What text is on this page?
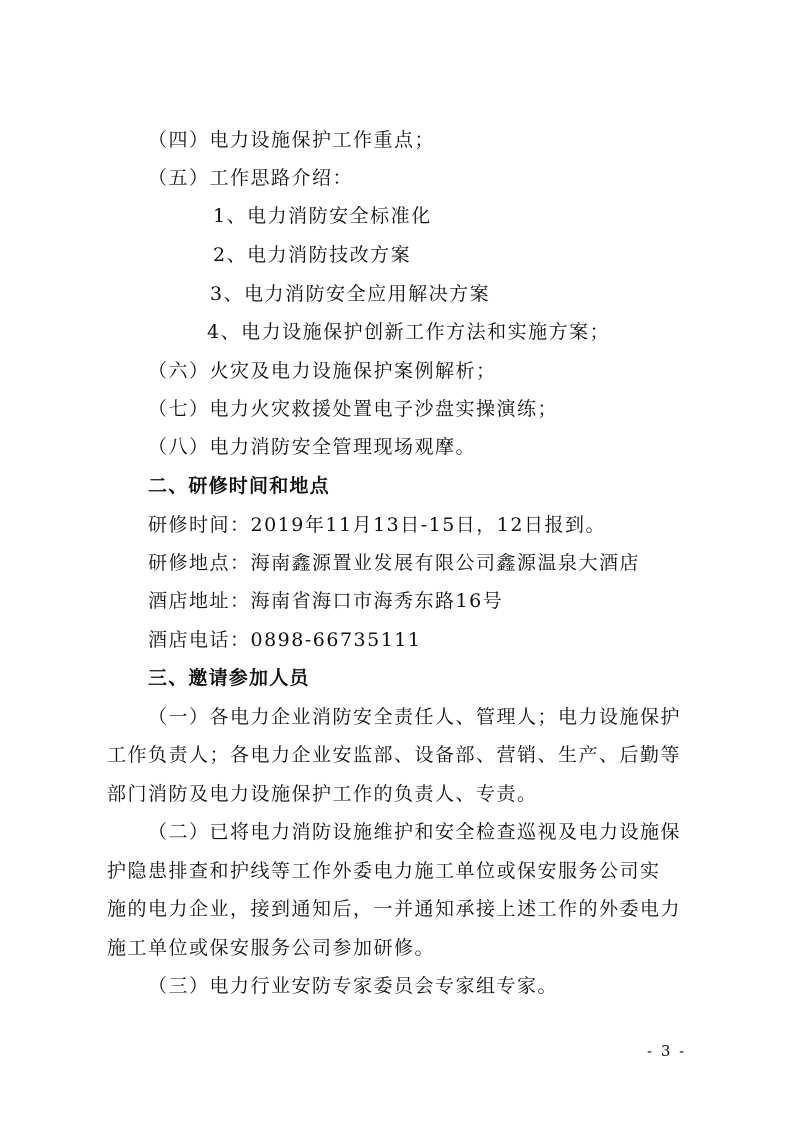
（四）电力设施保护工作重点；
（五）工作思路介绍：
1、电力消防安全标准化
2、电力消防技改方案
3、电力消防安全应用解决方案
4、电力设施保护创新工作方法和实施方案；
（六）火灾及电力设施保护案例解析；
（七）电力火灾救援处置电子沙盘实操演练；
（八）电力消防安全管理现场观摩。
二、研修时间和地点
研修时间：2019年11月13日-15日，12日报到。
研修地点：海南鑫源置业发展有限公司鑫源温泉大酒店
酒店地址：海南省海口市海秀东路16号
酒店电话：0898-66735111
三、邀请参加人员
（一）各电力企业消防安全责任人、管理人；电力设施保护
工作负责人；各电力企业安监部、设备部、营销、生产、后勤等
部门消防及电力设施保护工作的负责人、专责。
（二）已将电力消防设施维护和安全检查巡视及电力设施保
护隐患排查和护线等工作外委电力施工单位或保安服务公司实
施的电力企业，接到通知后，一并通知承接上述工作的外委电力
施工单位或保安服务公司参加研修。
（三）电力行业安防专家委员会专家组专家。
- 3 -
